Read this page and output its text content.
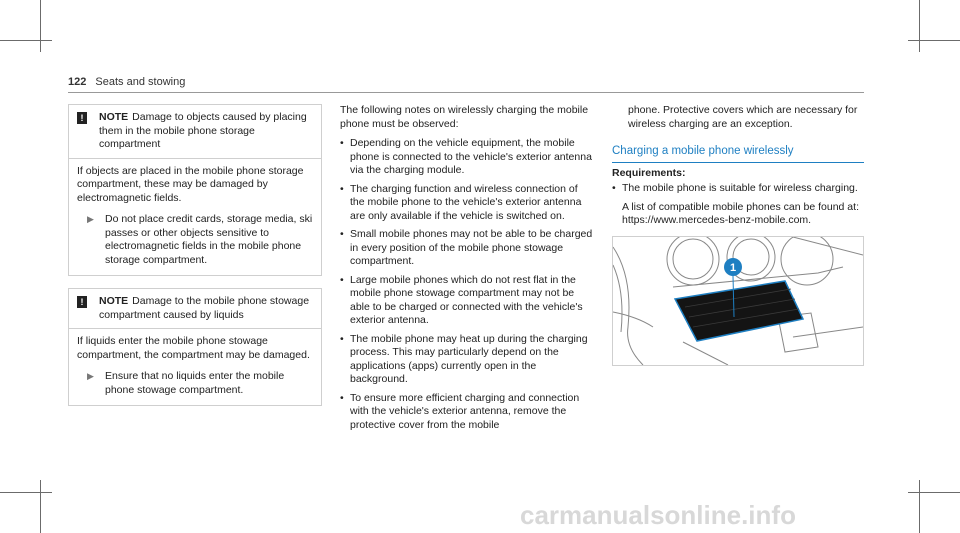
122 Seats and stowing
!	NOTE Damage to objects caused by placing them in the mobile phone storage compartment

If objects are placed in the mobile phone storage compartment, these may be damaged by electromagnetic fields.

▶ Do not place credit cards, storage media, ski passes or other objects sensitive to electromagnetic fields in the mobile phone storage compartment.
!	NOTE Damage to the mobile phone stowage compartment caused by liquids

If liquids enter the mobile phone stowage compartment, the compartment may be damaged.

▶ Ensure that no liquids enter the mobile phone stowage compartment.

The following notes on wirelessly charging the mobile phone must be observed:

• Depending on the vehicle equipment, the mobile phone is connected to the vehicle's exterior antenna via the charging module.
• The charging function and wireless connection of the mobile phone to the vehicle's exterior antenna are only available if the vehicle is switched on.
• Small mobile phones may not be able to be charged in every position of the mobile phone stowage compartment.
• Large mobile phones which do not rest flat in the mobile phone stowage compartment may not be able to be charged or connected with the vehicle's exterior antenna.
• The mobile phone may heat up during the charging process. This may particularly depend on the applications (apps) currently open in the background.
• To ensure more efficient charging and connection with the vehicle's exterior antenna, remove the protective cover from the mobile

phone. Protective covers which are necessary for wireless charging are an exception.

Charging a mobile phone wirelessly
Requirements:
• The mobile phone is suitable for wireless charging.

A list of compatible mobile phones can be found at: https://www.mercedes-benz-mobile.com.

1
carmanualsonline.info
